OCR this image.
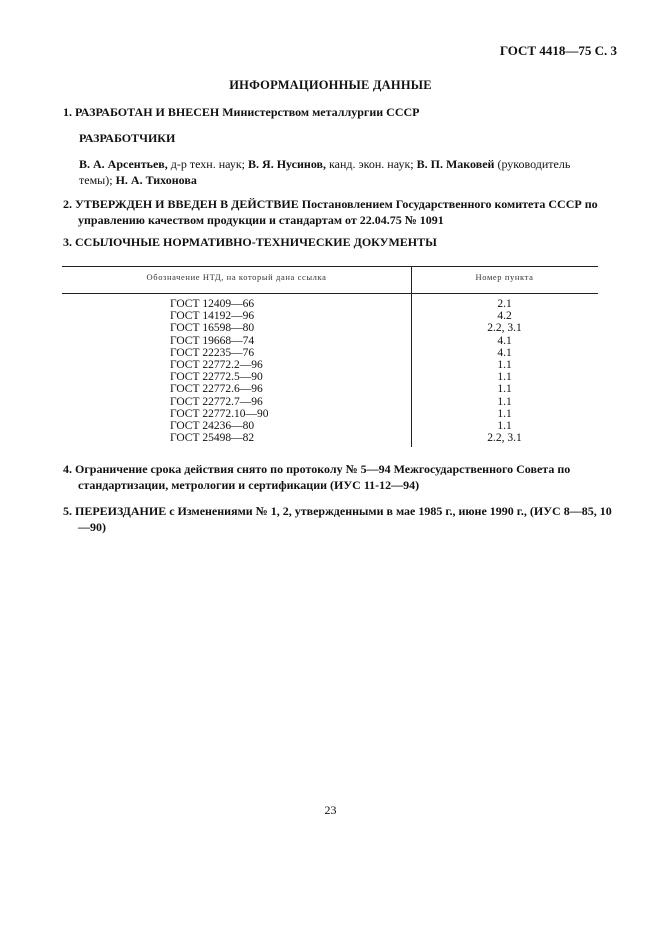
ГОСТ 4418—75 С. 3
ИНФОРМАЦИОННЫЕ ДАННЫЕ
1. РАЗРАБОТАН И ВНЕСЕН Министерством металлургии СССР
РАЗРАБОТЧИКИ
В. А. Арсентьев, д-р техн. наук; В. Я. Нусинов, канд. экон. наук; В. П. Маковей (руководитель темы); Н. А. Тихонова
2. УТВЕРЖДЕН И ВВЕДЕН В ДЕЙСТВИЕ Постановлением Государственного комитета СССР по управлению качеством продукции и стандартам от 22.04.75 № 1091
3. ССЫЛОЧНЫЕ НОРМАТИВНО-ТЕХНИЧЕСКИЕ ДОКУМЕНТЫ
Обозначение НТД, на который дана ссылка	Номер пункта
ГОСТ 12409—66
ГОСТ 14192—96
ГОСТ 16598—80
ГОСТ 19668—74
ГОСТ 22235—76
ГОСТ 22772.2—96
ГОСТ 22772.5—90
ГОСТ 22772.6—96
ГОСТ 22772.7—96
ГОСТ 22772.10—90
ГОСТ 24236—80
ГОСТ 25498—82
2.1
4.2
2.2, 3.1
4.1
4.1
1.1
1.1
1.1
1.1
1.1
1.1
2.2, 3.1
4. Ограничение срока действия снято по протоколу № 5—94 Межгосударственного Совета по стандартизации, метрологии и сертификации (ИУС 11-12—94)
5. ПЕРЕИЗДАНИЕ с Изменениями № 1, 2, утвержденными в мае 1985 г., июне 1990 г., (ИУС 8—85, 10—90)
23
